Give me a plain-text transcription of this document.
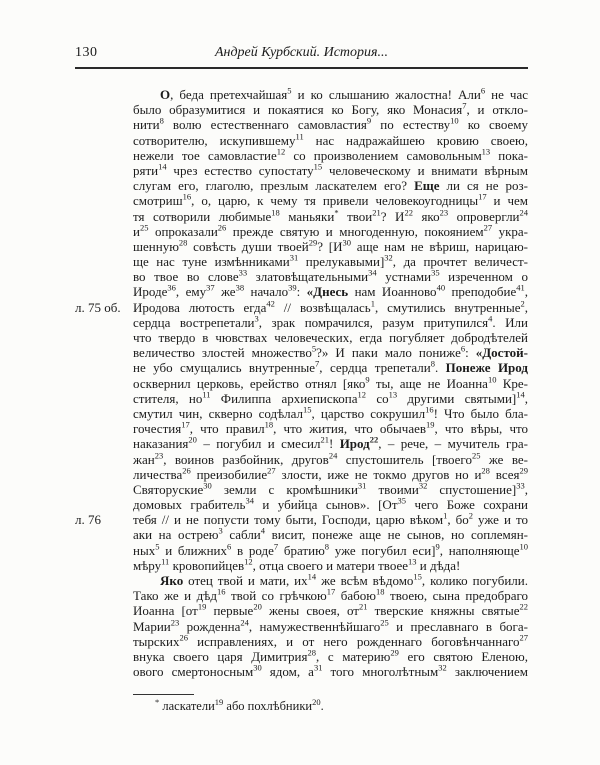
130	Андрей Курбский. История...
О, беда претехчайшая$^5$ и ко слышанию жалостна! Али$^6$ не час
было образумитися и покаятися ко Богу, яко Монасия$^7$, и откло-
нити$^8$ волю естественнаго самовластия$^9$ по естеству$^{10}$ ко своему
сотворителю, искупившему$^{11}$ нас надражайшею кровию своею,
нежели тое самовластие$^{12}$ со произволением самовольным$^{13}$ пока-
ряти$^{14}$ чрез естество супостату$^{15}$ человеческому и внимати вѣрным
слугам его, глаголю, презлым ласкателем его? Еще ли ся не роз-
смотриш$^{16}$, о, царю, к чему тя привели человекоугодницы$^{17}$ и чем
тя сотворили любимые$^{18}$ маньяки* твои$^{21}$? $И^{22}$ яко$^{23}$ опровергли$^{24}$
$и^{25}$ опроказали$^{26}$ прежде святую и многоденную, покоянием$^{27}$ укра-
шенную$^{28}$ совѣсть души твоей$^{29}$? [$И^{30}$ аще нам не вѣриш, нарицаю-
ще нас туне измѣнниками$^{31}$ прелукавыми]$^{32}$, да прочтет величест-
во твое во слове$^{33}$ златовѣщательными$^{34}$ устнами$^{35}$ изреченном о
Ироде$^{36}$, ему$^{37}$ $же^{38}$ начало$^{39}$: «Днесь нам Иоанново$^{40}$ преподобие$^{41}$,
л. 75 об. Иродова лютость егда$^{42}$ // возвѣщалась$^1$, смутились внутренные$^2$,
сердца вострепетали$^3$, зрак помрачился, разум притупился$^4$. Или
что твердо в чювствах человеческих, егда погубляет добродѣтелей
величество злостей множество$^5$?» И паки мало пониже$^6$: «Достой-
не убо смущались внутренные$^7$, сердца трепетали$^8$. Понеже Ирод
осквернил церковь, ерейство отнял [яко$^9$ ты, аще не Иоанна$^{10}$ Кре-
стителя, $но^{11}$ Филиппа архиепископа$^{12}$ $со^{13}$ другими святыми]$^{14}$,
смутил чин, скверно содѣлал$^{15}$, царство сокрушил$^{16}$! Что было бла-
гочестия$^{17}$, что правил$^{18}$, что жития, что обычаев$^{19}$, что вѣры, что
наказания$^{20}$ – погубил и смесил$^{21}$! Ирод$^{22}$, – рече, – мучитель гра-
жан$^{23}$, воинов разбойник, другов$^{24}$ спустошитель [твоего$^{25}$ же ве-
личества$^{26}$ преизобилие$^{27}$ злости, иже не токмо другов но $и^{28}$ всея$^{29}$
Святоруские$^{30}$ земли с кромѣшники$^{31}$ твоими$^{32}$ спустошение]$^{33}$,
домовых грабитель$^{34}$ и убийца сынов». [$От^{35}$ чего Боже сохрани
л. 76 тебя // и не попусти тому быти, Господи, царю вѣком$^1$, $бо^2$ уже и то
аки на острею$^3$ сабли$^4$ висит, понеже аще не сынов, но соплемян-
ных$^5$ и ближних$^6$ в роде$^7$ братию$^8$ уже погубил еси]$^9$, наполняюще$^{10}$
мѣру$^{11}$ кровопийцев$^{12}$, отца своего и матери твоее$^{13}$ и дѣда!
Яко отец твой и мати, $их^{14}$ же всѣм вѣдомо$^{15}$, колико погубили.
Тако же и дѣд$^{16}$ твой со грѣчкою$^{17}$ бабою$^{18}$ твоею, сына предобраго
Иоанна [$от^{19}$ первые$^{20}$ жены своея, $от^{21}$ тверские княжны святые$^{22}$
Марии$^{23}$ рожденна$^{24}$, намужественнѣйшаго$^{25}$ и преславнаго в бога-
тырских$^{26}$ исправлениях, и от него рожденнаго боговѣнчаннаго$^{27}$
внука своего царя Димитрия$^{28}$, с материю$^{29}$ его святою Еленою,
ового смертоносным$^{30}$ ядом, $а^{31}$ того многолѣтным$^{32}$ заключением
* ласкатели$^{19}$ або похлѣбники$^{20}$.
